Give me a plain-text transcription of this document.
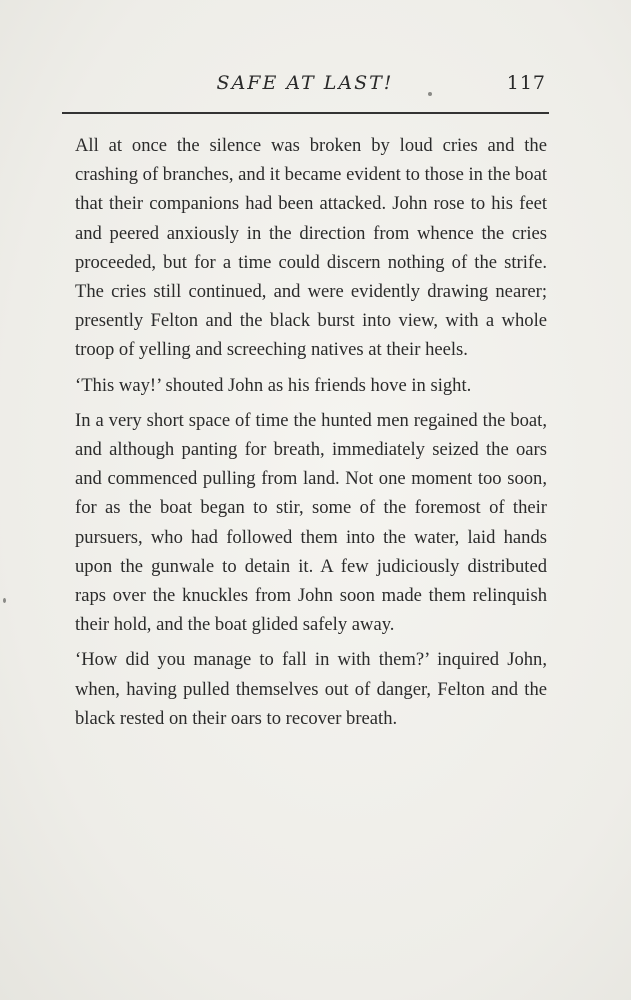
SAFE AT LAST!	117

All at once the silence was broken by loud cries and the crashing of branches, and it became evident to those in the boat that their companions had been attacked. John rose to his feet and peered anxiously in the direction from whence the cries proceeded, but for a time could discern nothing of the strife. The cries still continued, and were evidently drawing nearer; presently Felton and the black burst into view, with a whole troop of yelling and screeching natives at their heels.

‘This way!’ shouted John as his friends hove in sight.

In a very short space of time the hunted men regained the boat, and although panting for breath, immediately seized the oars and commenced pulling from land. Not one moment too soon, for as the boat began to stir, some of the foremost of their pursuers, who had followed them into the water, laid hands upon the gunwale to detain it. A few judiciously distributed raps over the knuckles from John soon made them relinquish their hold, and the boat glided safely away.

‘How did you manage to fall in with them?’ inquired John, when, having pulled themselves out of danger, Felton and the black rested on their oars to recover breath.
